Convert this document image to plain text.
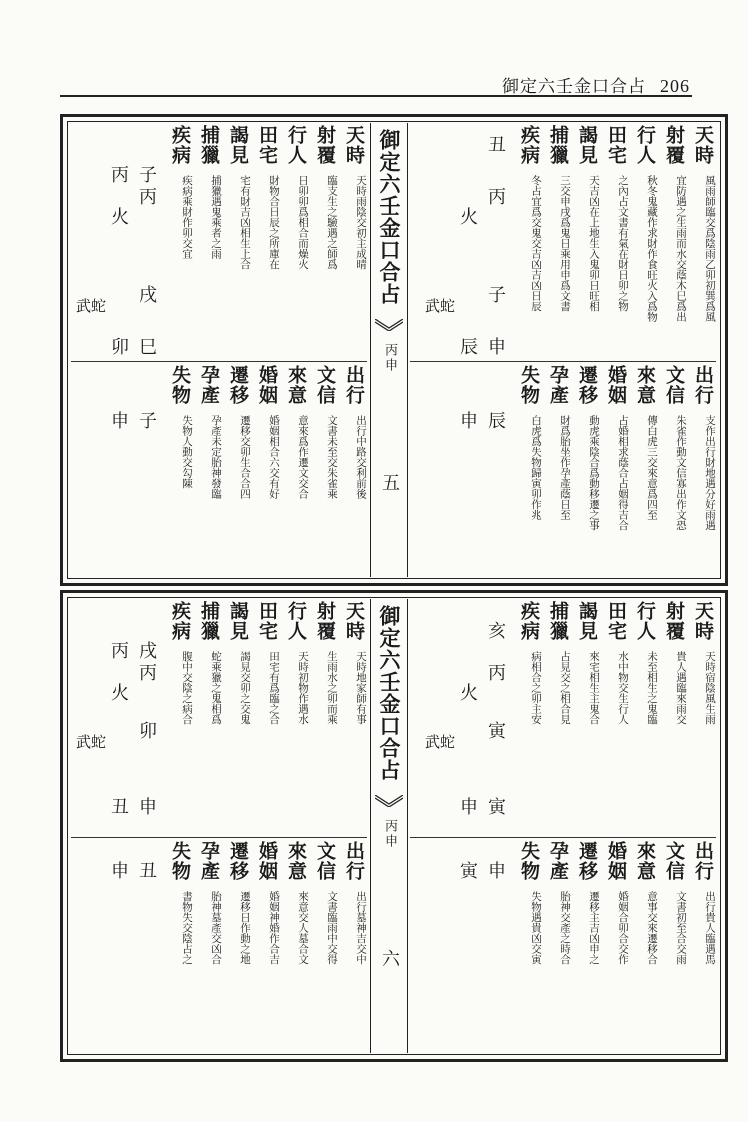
御定六壬金口合占 206
天時
天時雨陰交初主成晴
射覆
臨支生之驗遇之師爲
行人
日卯卯爲相合而燥火
田宅
財物合日辰之所庫在
謁見
宅有財吉凶相生上合
捕獵
捕獵遇鬼乘者之雨
疾病
疾病乘財作卯交宜
出行
出行中路交利前後
文信
文書未至交朱雀乘
來意
意來爲作遷文交合
婚姻
婚姻相合六交有好
遷移
遷移交卯生合合四
孕產
孕產未定胎神發臨
失物
失物人動交勾陳
子
丙
戌
巳
子
丙
火
卯
申
武蛇
御定六壬金口合占
丙申
五
天時
風雨師臨交爲陰雨乙卯初巽爲風
射覆
宜防遇之生雨而水交蔭木巳爲出
行人
秋冬鬼藏作求財作食旺火入爲物
田宅
之內占文書有氣在財日卯之物
謁見
天吉凶在上地生入鬼卯日旺相
捕獵
三交申戌爲鬼日乘用申爲文書
疾病
冬占宜爲交鬼交吉凶吉凶日辰
出行
支作出行財地遇分好雨遇
文信
朱雀作動文信寡出作文恐
來意
傳白虎三交來意爲四至
婚姻
占婚相求蔭合占姻得吉合
遷移
動虎乘陰合爲動移遷之事
孕產
財爲胎坐作孕產蔭日至
失物
白虎爲失物歸寅卯作兆
丑
丙
子
申
辰
火
辰
申
武蛇
天時
天時地家師有事
射覆
生雨水之卯而乘
行人
天時初物作遇水
田宅
田宅有爲臨之合
謁見
謁見交卯之交鬼
捕獵
蛇乘獵之鬼相爲
疾病
腹中交陰之病合
出行
出行墓神吉交中
文信
文書臨雨中交得
來意
來意交人墓合文
婚姻
婚姻神婚作合吉
遷移
遷移日作動之地
孕產
胎神墓產交凶合
失物
書物失交陰占之
戌
丙
卯
申
丑
丙
火
丑
申
武蛇	御定六壬金口合占
丙申
六
天時
天時宿陰風生雨
射覆
貴人遇臨來雨交
行人
未至相生之鬼臨
田宅
水中物交生行人
謁見
來宅相生主鬼合
捕獵
占見交之相合見
疾病
病相合之卯主安
出行
出行貴人臨遇馬
文信
文書初至合交雨
來意
意事交來遷移合
婚姻
婚姻合卯合交作
遷移
遷移主吉凶申之
孕產
胎神交產之時合
失物
失物遇貴凶交寅
亥
丙
寅
寅
申
火
申
寅
武蛇
